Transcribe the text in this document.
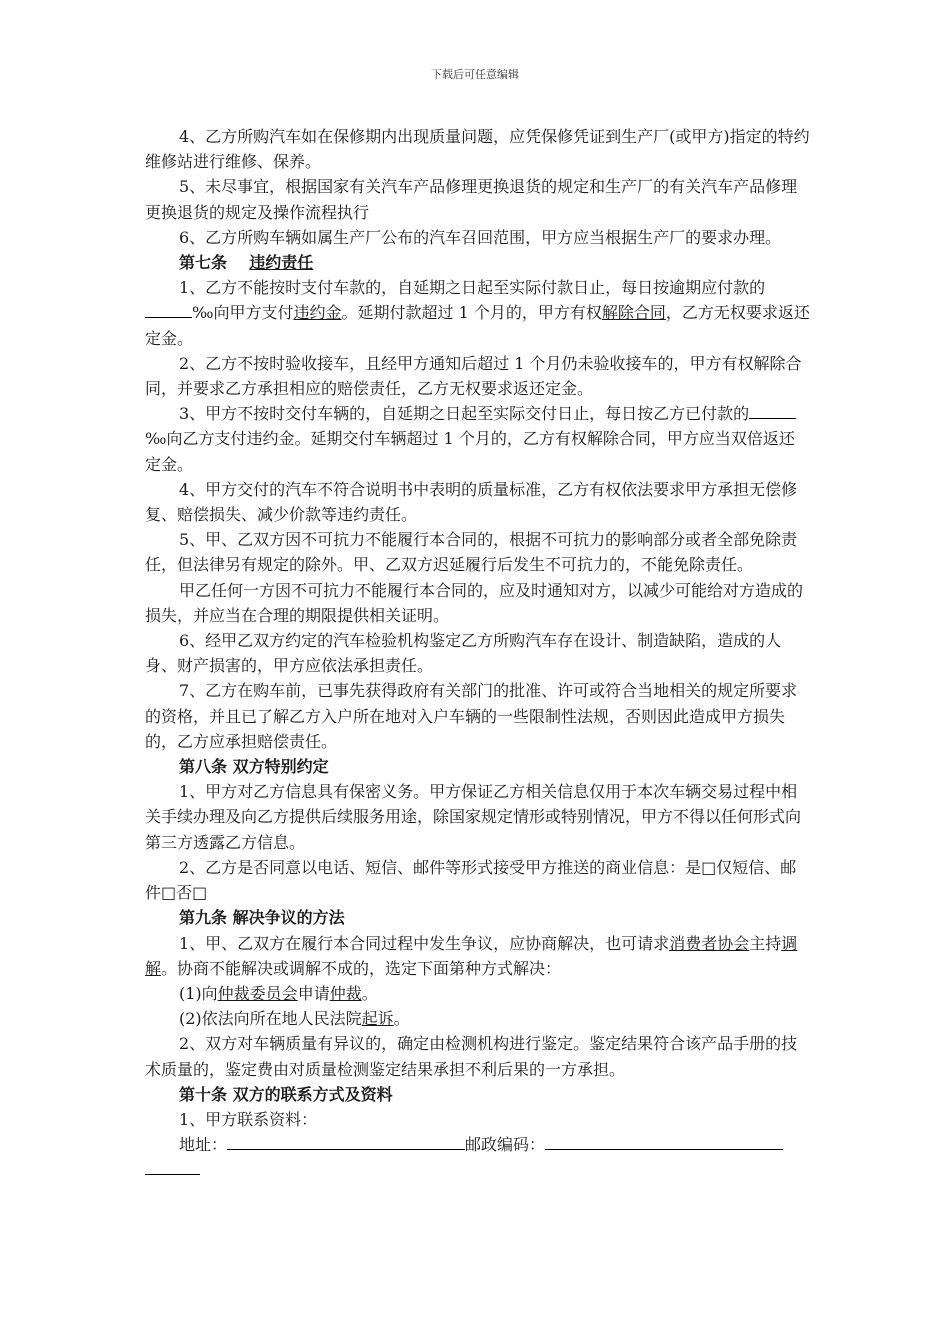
下载后可任意编辑

4、乙方所购汽车如在保修期内出现质量问题，应凭保修凭证到生产厂(或甲方)指定的特约维修站进行维修、保养。

5、未尽事宜，根据国家有关汽车产品修理更换退货的规定和生产厂的有关汽车产品修理更换退货的规定及操作流程执行

6、乙方所购车辆如属生产厂公布的汽车召回范围，甲方应当根据生产厂的要求办理。

第七条 违约责任

1、乙方不能按时支付车款的，自延期之日起至实际付款日止，每日按逾期应付款的‰向甲方支付违约金。延期付款超过 1 个月的，甲方有权解除合同，乙方无权要求返还定金。

2、乙方不按时验收接车，且经甲方通知后超过 1 个月仍未验收接车的，甲方有权解除合同，并要求乙方承担相应的赔偿责任，乙方无权要求返还定金。

3、甲方不按时交付车辆的，自延期之日起至实际交付日止，每日按乙方已付款的‰向乙方支付违约金。延期交付车辆超过 1 个月的，乙方有权解除合同，甲方应当双倍返还定金。

4、甲方交付的汽车不符合说明书中表明的质量标准，乙方有权依法要求甲方承担无偿修复、赔偿损失、减少价款等违约责任。

5、甲、乙双方因不可抗力不能履行本合同的，根据不可抗力的影响部分或者全部免除责任，但法律另有规定的除外。甲、乙双方迟延履行后发生不可抗力的，不能免除责任。

甲乙任何一方因不可抗力不能履行本合同的，应及时通知对方，以减少可能给对方造成的损失，并应当在合理的期限提供相关证明。

6、经甲乙双方约定的汽车检验机构鉴定乙方所购汽车存在设计、制造缺陷，造成的人身、财产损害的，甲方应依法承担责任。

7、乙方在购车前，已事先获得政府有关部门的批准、许可或符合当地相关的规定所要求的资格，并且已了解乙方入户所在地对入户车辆的一些限制性法规，否则因此造成甲方损失的，乙方应承担赔偿责任。

第八条 双方特别约定

1、甲方对乙方信息具有保密义务。甲方保证乙方相关信息仅用于本次车辆交易过程中相关手续办理及向乙方提供后续服务用途，除国家规定情形或特别情况，甲方不得以任何形式向第三方透露乙方信息。

2、乙方是否同意以电话、短信、邮件等形式接受甲方推送的商业信息：是□仅短信、邮件□否□

第九条 解决争议的方法

1、甲、乙双方在履行本合同过程中发生争议，应协商解决，也可请求消费者协会主持调解。协商不能解决或调解不成的，选定下面第种方式解决：

(1)向仲裁委员会申请仲裁。

(2)依法向所在地人民法院起诉。

2、双方对车辆质量有异议的，确定由检测机构进行鉴定。鉴定结果符合该产品手册的技术质量的，鉴定费由对质量检测鉴定结果承担不利后果的一方承担。

第十条 双方的联系方式及资料

1、甲方联系资料：

地址：	邮政编码：
